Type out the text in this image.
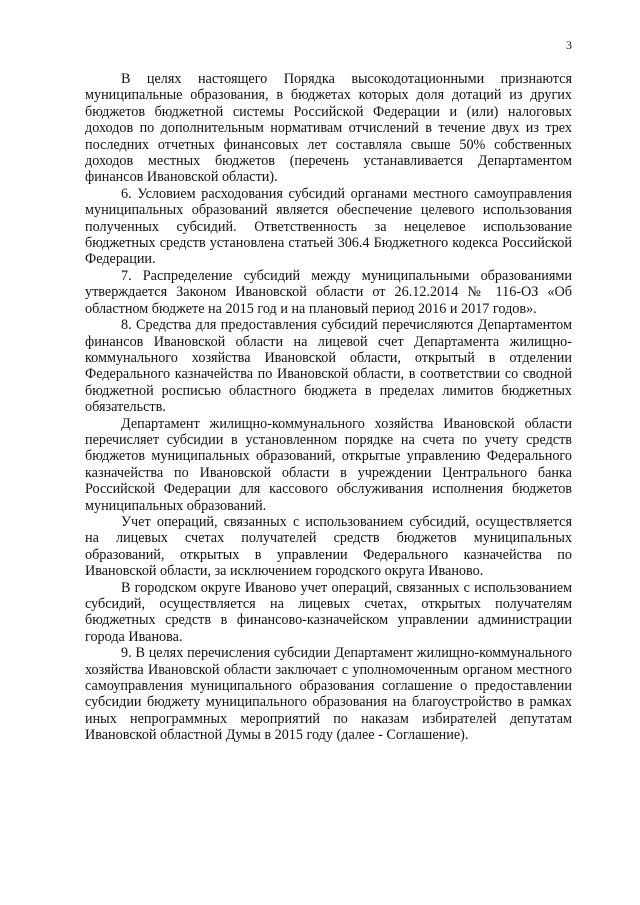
3

В целях настоящего Порядка высокодотационными признаются муниципальные образования, в бюджетах которых доля дотаций из других бюджетов бюджетной системы Российской Федерации и (или) налоговых доходов по дополнительным нормативам отчислений в течение двух из трех последних отчетных финансовых лет составляла свыше 50% собственных доходов местных бюджетов (перечень устанавливается Департаментом финансов Ивановской области).

6. Условием расходования субсидий органами местного самоуправления муниципальных образований является обеспечение целевого использования полученных субсидий. Ответственность за нецелевое использование бюджетных средств установлена статьей 306.4 Бюджетного кодекса Российской Федерации.

7. Распределение субсидий между муниципальными образованиями утверждается Законом Ивановской области от 26.12.2014 № 116-ОЗ «Об областном бюджете на 2015 год и на плановый период 2016 и 2017 годов».

8. Средства для предоставления субсидий перечисляются Департаментом финансов Ивановской области на лицевой счет Департамента жилищно-коммунального хозяйства Ивановской области, открытый в отделении Федерального казначейства по Ивановской области, в соответствии со сводной бюджетной росписью областного бюджета в пределах лимитов бюджетных обязательств.

Департамент жилищно-коммунального хозяйства Ивановской области перечисляет субсидии в установленном порядке на счета по учету средств бюджетов муниципальных образований, открытые управлению Федерального казначейства по Ивановской области в учреждении Центрального банка Российской Федерации для кассового обслуживания исполнения бюджетов муниципальных образований.

Учет операций, связанных с использованием субсидий, осуществляется на лицевых счетах получателей средств бюджетов муниципальных образований, открытых в управлении Федерального казначейства по Ивановской области, за исключением городского округа Иваново.

В городском округе Иваново учет операций, связанных с использованием субсидий, осуществляется на лицевых счетах, открытых получателям бюджетных средств в финансово-казначейском управлении администрации города Иванова.

9. В целях перечисления субсидии Департамент жилищно-коммунального хозяйства Ивановской области заключает с уполномоченным органом местного самоуправления муниципального образования соглашение о предоставлении субсидии бюджету муниципального образования на благоустройство в рамках иных непрограммных мероприятий по наказам избирателей депутатам Ивановской областной Думы в 2015 году (далее - Соглашение).
